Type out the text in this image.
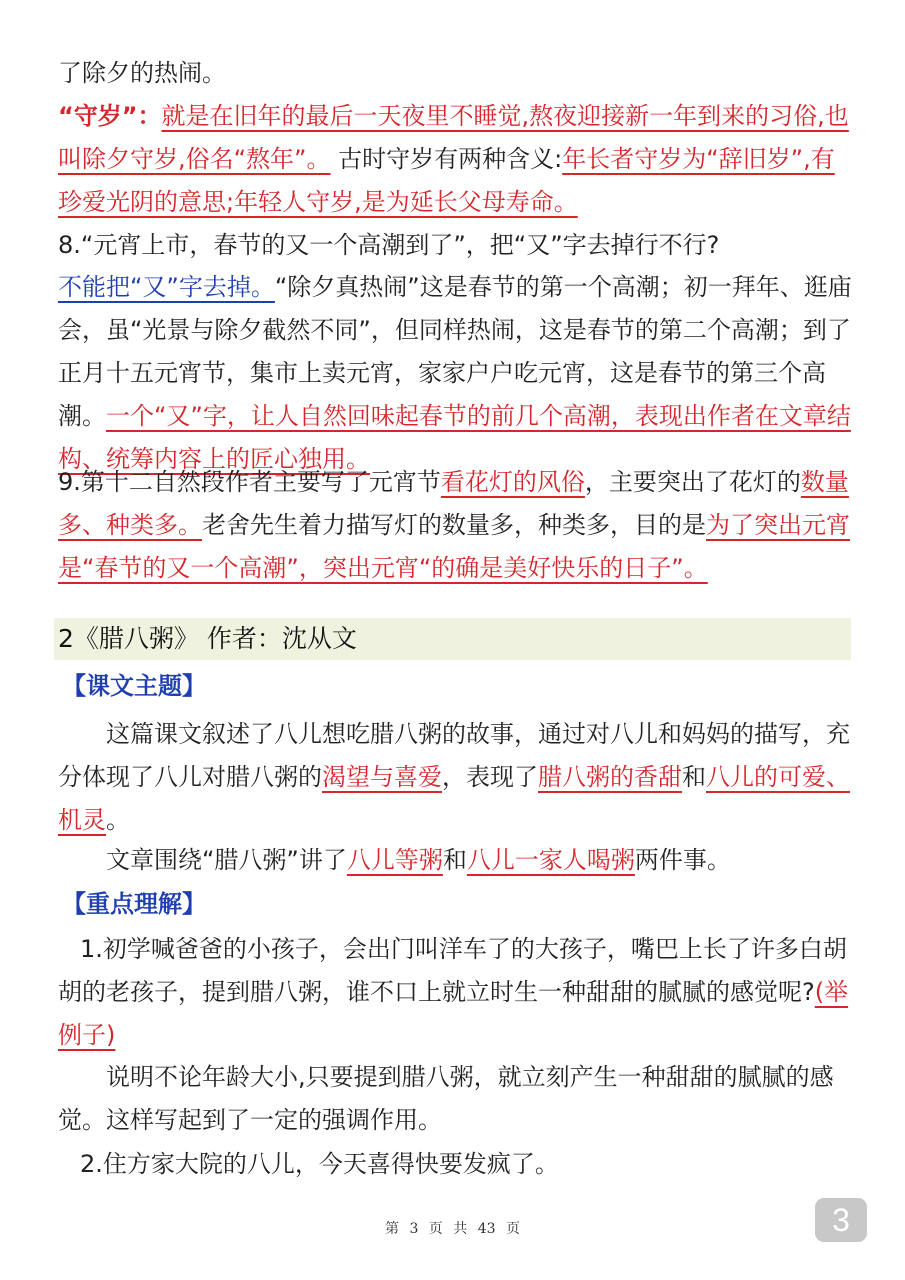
了除夕的热闹。

“守岁”：就是在旧年的最后一天夜里不睡觉,熬夜迎接新一年到来的习俗,也叫除夕守岁,俗名“熬年”。 古时守岁有两种含义:年长者守岁为“辞旧岁”,有珍爱光阴的意思;年轻人守岁,是为延长父母寿命。

8.“元宵上市，春节的又一个高潮到了”，把“又”字去掉行不行?

不能把“又”字去掉。“除夕真热闹”这是春节的第一个高潮；初一拜年、逛庙会，虽“光景与除夕截然不同”，但同样热闹，这是春节的第二个高潮；到了正月十五元宵节，集市上卖元宵，家家户户吃元宵，这是春节的第三个高潮。一个“又”字，让人自然回味起春节的前几个高潮，表现出作者在文章结构、统筹内容上的匠心独用。

9.第十二自然段作者主要写了元宵节看花灯的风俗，主要突出了花灯的数量多、种类多。老舍先生着力描写灯的数量多，种类多，目的是为了突出元宵是“春节的又一个高潮”，突出元宵“的确是美好快乐的日子”。

2《腊八粥》 作者：沈从文
【课文主题】

这篇课文叙述了八儿想吃腊八粥的故事，通过对八儿和妈妈的描写，充分体现了八儿对腊八粥的渴望与喜爱，表现了腊八粥的香甜和八儿的可爱、机灵。

文章围绕“腊八粥”讲了八儿等粥和八儿一家人喝粥两件事。

【重点理解】

1.初学喊爸爸的小孩子，会出门叫洋车了的大孩子，嘴巴上长了许多白胡胡的老孩子，提到腊八粥，谁不口上就立时生一种甜甜的腻腻的感觉呢?(举例子)

说明不论年龄大小,只要提到腊八粥，就立刻产生一种甜甜的腻腻的感觉。这样写起到了一定的强调作用。

2.住方家大院的八儿，今天喜得快要发疯了。

第 3 页 共 43 页	3
